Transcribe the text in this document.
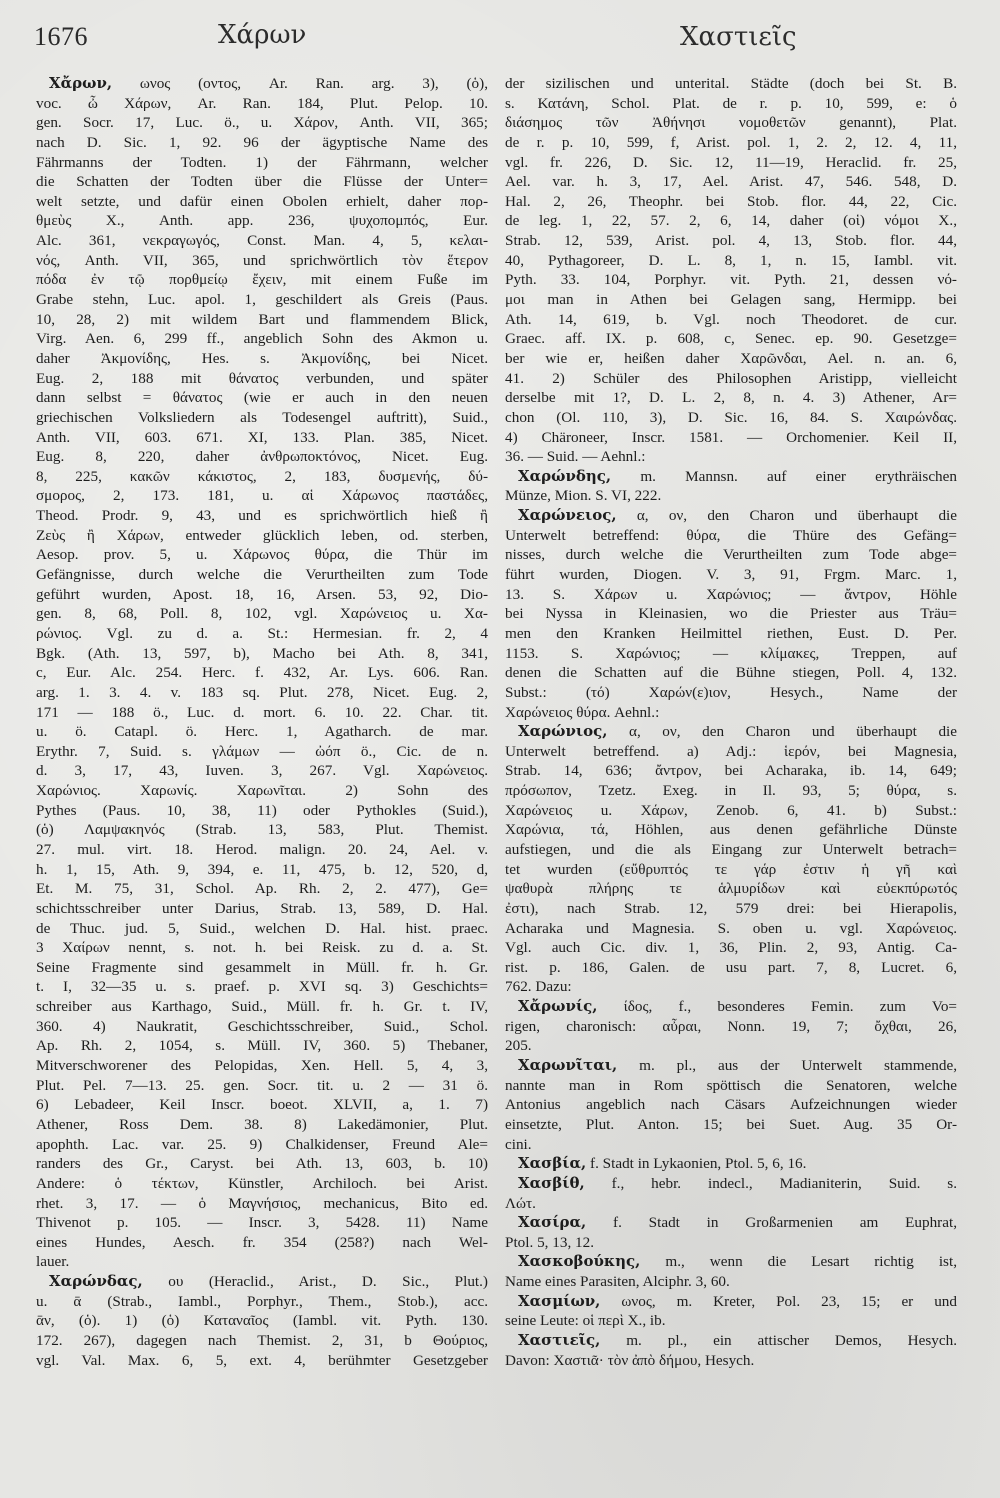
1676	Χάρων	Χαστιεῖς
Χἄρων, ωνος (οντος, Ar. Ran. arg. 3), (ὁ),
voc. ὦ Χάρων, Ar. Ran. 184, Plut. Pelop. 10.
gen. Socr. 17, Luc. ö., u. Χάρον, Anth. VII, 365;
nach D. Sic. 1, 92. 96 der ägyptische Name des
Fährmanns der Todten. 1) der Fährmann, welcher
die Schatten der Todten über die Flüsse der Unter=
welt setzte, und dafür einen Obolen erhielt, daher πορ-
θμεὺς Χ., Anth. app. 236, ψυχοπομπός, Eur.
Alc. 361, νεκραγωγός, Const. Man. 4, 5, κελαι-
νός, Anth. VII, 365, und sprichwörtlich τὸν ἕτερον
πόδα ἐν τῷ πορθμείῳ ἔχειν, mit einem Fuße im
Grabe stehn, Luc. apol. 1, geschildert als Greis (Paus.
10, 28, 2) mit wildem Bart und flammendem Blick,
Virg. Aen. 6, 299 ff., angeblich Sohn des Akmon u.
daher Ἀκμονίδης, Hes. s. Ἀκμονίδης, bei Nicet.
Eug. 2, 188 mit θάνατος verbunden, und später
dann selbst = θάνατος (wie er auch in den neuen
griechischen Volksliedern als Todesengel auftritt), Suid.,
Anth. VII, 603. 671. XI, 133. Plan. 385, Nicet.
Eug. 8, 220, daher ἀνθρωποκτόνος, Nicet. Eug.
8, 225, κακῶν κάκιστος, 2, 183, δυσμενής, δύ-
σμορος, 2, 173. 181, u. αἱ Χάρωνος παστάδες,
Theod. Prodr. 9, 43, und es sprichwörtlich hieß ἢ
Ζεὺς ἢ Χάρων, entweder glücklich leben, od. sterben,
Aesop. prov. 5, u. Χάρωνος θύρα, die Thür im
Gefängnisse, durch welche die Verurtheilten zum Tode
geführt wurden, Apost. 18, 16, Arsen. 53, 92, Dio-
gen. 8, 68, Poll. 8, 102, vgl. Χαρώνειος u. Χα-
ρώνιος. Vgl. zu d. a. St.: Hermesian. fr. 2, 4
Bgk. (Ath. 13, 597, b), Macho bei Ath. 8, 341,
c, Eur. Alc. 254. Herc. f. 432, Ar. Lys. 606. Ran.
arg. 1. 3. 4. v. 183 sq. Plut. 278, Nicet. Eug. 2,
171 — 188 ö., Luc. d. mort. 6. 10. 22. Char. tit.
u. ö. Catapl. ö. Herc. 1, Agatharch. de mar.
Erythr. 7, Suid. s. γλάμων — ὠόπ ö., Cic. de n.
d. 3, 17, 43, Iuven. 3, 267. Vgl. Χαρώνειος.
Χαρώνιος. Χαρωνίς. Χαρωνῖται. 2) Sohn des
Pythes (Paus. 10, 38, 11) oder Pythokles (Suid.),
(ὁ) Λαμψακηνός (Strab. 13, 583, Plut. Themist.
27. mul. virt. 18. Herod. malign. 20. 24, Ael. v.
h. 1, 15, Ath. 9, 394, e. 11, 475, b. 12, 520, d,
Et. M. 75, 31, Schol. Ap. Rh. 2, 2. 477), Ge=
schichtsschreiber unter Darius, Strab. 13, 589, D. Hal.
de Thuc. jud. 5, Suid., welchen D. Hal. hist. praec.
3 Χαίρων nennt, s. not. h. bei Reisk. zu d. a. St.
Seine Fragmente sind gesammelt in Müll. fr. h. Gr.
t. I, 32—35 u. s. praef. p. XVI sq. 3) Geschichts=
schreiber aus Karthago, Suid., Müll. fr. h. Gr. t. IV,
360. 4) Naukratit, Geschichtsschreiber, Suid., Schol.
Ap. Rh. 2, 1054, s. Müll. IV, 360. 5) Thebaner,
Mitverschworener des Pelopidas, Xen. Hell. 5, 4, 3,
Plut. Pel. 7—13. 25. gen. Socr. tit. u. 2 — 31 ö.
6) Lebadeer, Keil Inscr. boeot. XLVII, a, 1. 7)
Athener, Ross Dem. 38. 8) Lakedämonier, Plut.
apophth. Lac. var. 25. 9) Chalkidenser, Freund Ale=
randers des Gr., Caryst. bei Ath. 13, 603, b. 10)
Andere: ὁ τέκτων, Künstler, Archiloch. bei Arist.
rhet. 3, 17. — ὁ Μαγνήσιος, mechanicus, Bito ed.
Thivenot p. 105. — Inscr. 3, 5428. 11) Name
eines Hundes, Aesch. fr. 354 (258?) nach Wel-
lauer.
Χαρώνδας, ου (Heraclid., Arist., D. Sic., Plut.)
u. ᾱ (Strab., Iambl., Porphyr., Them., Stob.), acc.
ᾱν, (ὁ). 1) (ὁ) Καταναῖος (Iambl. vit. Pyth. 130.
172. 267), dagegen nach Themist. 2, 31, b Θούριος,
vgl. Val. Max. 6, 5, ext. 4, berühmter Gesetzgeber
der sizilischen und unterital. Städte (doch bei St. B.
s. Κατάνη, Schol. Plat. de r. p. 10, 599, e: ὁ
διάσημος τῶν Ἀθήνησι νομοθετῶν genannt), Plat.
de r. p. 10, 599, f, Arist. pol. 1, 2. 2, 12. 4, 11,
vgl. fr. 226, D. Sic. 12, 11—19, Heraclid. fr. 25,
Ael. var. h. 3, 17, Ael. Arist. 47, 546. 548, D.
Hal. 2, 26, Theophr. bei Stob. flor. 44, 22, Cic.
de leg. 1, 22, 57. 2, 6, 14, daher (οἱ) νόμοι Χ.,
Strab. 12, 539, Arist. pol. 4, 13, Stob. flor. 44,
40, Pythagoreer, D. L. 8, 1, n. 15, Iambl. vit.
Pyth. 33. 104, Porphyr. vit. Pyth. 21, dessen νό-
μοι man in Athen bei Gelagen sang, Hermipp. bei
Ath. 14, 619, b. Vgl. noch Theodoret. de cur.
Graec. aff. IX. p. 608, c, Senec. ep. 90. Gesetzge=
ber wie er, heißen daher Χαρῶνδαι, Ael. n. an. 6,
41. 2) Schüler des Philosophen Aristipp, vielleicht
derselbe mit 1?, D. L. 2, 8, n. 4. 3) Athener, Ar=
chon (Ol. 110, 3), D. Sic. 16, 84. S. Χαιρώνδας.
4) Chäroneer, Inscr. 1581. — Orchomenier. Keil II,
36. — Suid. — Aehnl.:
Χαρώνδης, m. Mannsn. auf einer erythräischen
Münze, Mion. S. VI, 222.
Χαρώνειος, α, ον, den Charon und überhaupt die
Unterwelt betreffend: θύρα, die Thüre des Gefäng=
nisses, durch welche die Verurtheilten zum Tode abge=
führt wurden, Diogen. V. 3, 91, Frgm. Marc. 1,
13. S. Χάρων u. Χαρώνιος; — ἄντρον, Höhle
bei Nyssa in Kleinasien, wo die Priester aus Träu=
men den Kranken Heilmittel riethen, Eust. D. Per.
1153. S. Χαρώνιος; — κλίμακες, Treppen, auf
denen die Schatten auf die Bühne stiegen, Poll. 4, 132.
Subst.: (τό) Χαρών(ε)ιον, Hesych., Name der
Χαρώνειος θύρα. Aehnl.:
Χαρώνιος, α, ον, den Charon und überhaupt die
Unterwelt betreffend. a) Adj.: ἱερόν, bei Magnesia,
Strab. 14, 636; ἄντρον, bei Acharaka, ib. 14, 649;
πρόσωπον, Tzetz. Exeg. in Il. 93, 5; θύρα, s.
Χαρώνειος u. Χάρων, Zenob. 6, 41. b) Subst.:
Χαρώνια, τά, Höhlen, aus denen gefährliche Dünste
aufstiegen, und die als Eingang zur Unterwelt betrach=
tet wurden (εὔθρυπτός τε γάρ ἐστιν ἡ γῆ καὶ
ψαθυρὰ πλήρης τε ἁλμυρίδων καὶ εὐεκπύρωτός
ἐστι), nach Strab. 12, 579 drei: bei Hierapolis,
Acharaka und Magnesia. S. oben u. vgl. Χαρώνειος.
Vgl. auch Cic. div. 1, 36, Plin. 2, 93, Antig. Ca-
rist. p. 186, Galen. de usu part. 7, 8, Lucret. 6,
762. Dazu:
Χἄρωνίς, ίδος, f., besonderes Femin. zum Vo=
rigen, charonisch: αὖραι, Nonn. 19, 7; ὄχθαι, 26,
205.
Χαρωνῖται, m. pl., aus der Unterwelt stammende,
nannte man in Rom spöttisch die Senatoren, welche
Antonius angeblich nach Cäsars Aufzeichnungen wieder
einsetzte, Plut. Anton. 15; bei Suet. Aug. 35 Or-
cini.
Χασβία, f. Stadt in Lykaonien, Ptol. 5, 6, 16.
Χασβίθ, f., hebr. indecl., Madianiterin, Suid. s.
Λώτ.
Χασίρα, f. Stadt in Großarmenien am Euphrat,
Ptol. 5, 13, 12.
Χασκοβούκης, m., wenn die Lesart richtig ist,
Name eines Parasiten, Alciphr. 3, 60.
Χασμίων, ωνος, m. Kreter, Pol. 23, 15; er und
seine Leute: οἱ περὶ Χ., ib.
Χαστιεῖς, m. pl., ein attischer Demos, Hesych.
Davon: Χαστιᾶ· τὸν ἀπὸ δήμου, Hesych.
